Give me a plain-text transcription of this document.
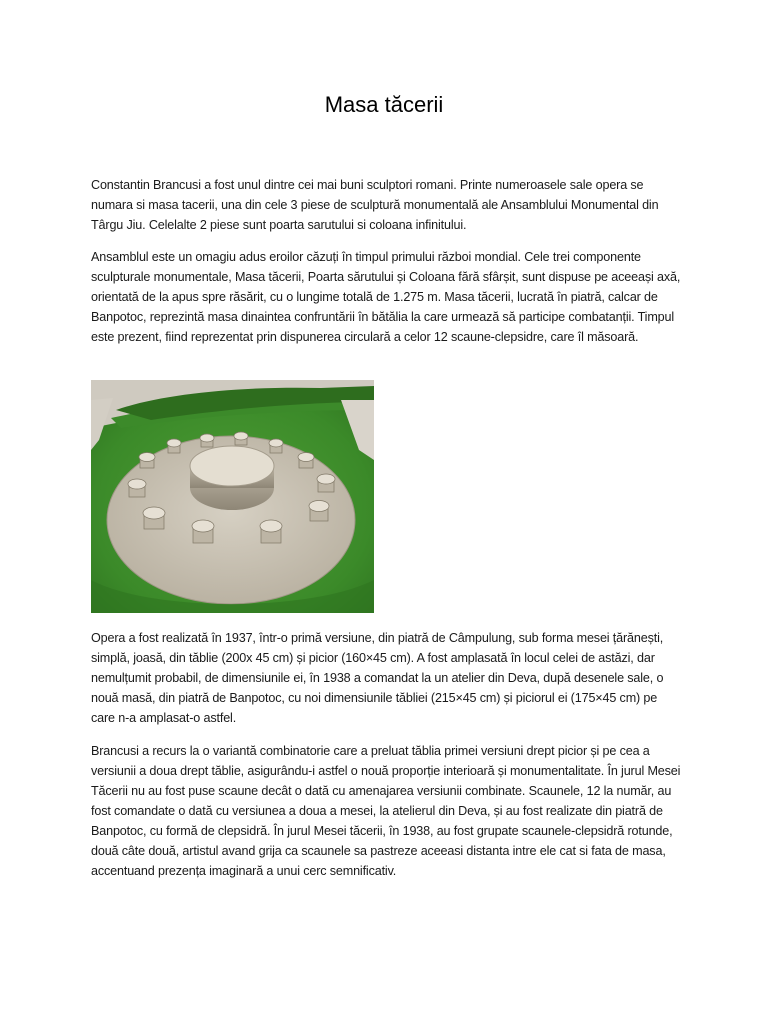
Masa tăcerii

Constantin Brancusi a fost unul dintre cei mai buni sculptori romani. Printe numeroasele sale opera se numara si masa tacerii, una din cele 3 piese de sculptură monumentală ale Ansamblului Monumental din Târgu Jiu. Celelalte 2 piese sunt poarta sarutului si coloana infinitului.

Ansamblul este un omagiu adus eroilor căzuți în timpul primului război mondial. Cele trei componente sculpturale monumentale, Masa tăcerii, Poarta sărutului și Coloana fără sfârșit, sunt dispuse pe aceeași axă, orientată de la apus spre răsărit, cu o lungime totală de 1.275 m. Masa tăcerii, lucrată în piatră, calcar de Banpotoc, reprezintă masa dinaintea confruntării în bătălia la care urmează să participe combatanții. Timpul este prezent, fiind reprezentat prin dispunerea circulară a celor 12 scaune-clepsidre, care îl măsoară.

Opera a fost realizată în 1937, într-o primă versiune, din piatră de Câmpulung, sub forma mesei țărănești, simplă, joasă, din tăblie (200x 45 cm) și picior (160×45 cm). A fost amplasată în locul celei de astăzi, dar nemulțumit probabil, de dimensiunile ei, în 1938 a comandat la un atelier din Deva, după desenele sale, o nouă masă, din piatră de Banpotoc, cu noi dimensiunile tăbliei (215×45 cm) și piciorul ei (175×45 cm) pe care n-a amplasat-o astfel.

Brancusi a recurs la o variantă combinatorie care a preluat tăblia primei versiuni drept picior și pe cea a versiunii a doua drept tăblie, asigurându-i astfel o nouă proporție interioară și monumentalitate. În jurul Mesei Tăcerii nu au fost puse scaune decât o dată cu amenajarea versiunii combinate. Scaunele, 12 la număr, au fost comandate o dată cu versiunea a doua a mesei, la atelierul din Deva, și au fost realizate din piatră de Banpotoc, cu formă de clepsidră. În jurul Mesei tăcerii, în 1938, au fost grupate scaunele-clepsidră rotunde, două câte două, artistul avand grija ca scaunele sa pastreze aceeasi distanta intre ele cat si fata de masa, accentuand prezența imaginară a unui cerc semnificativ.
